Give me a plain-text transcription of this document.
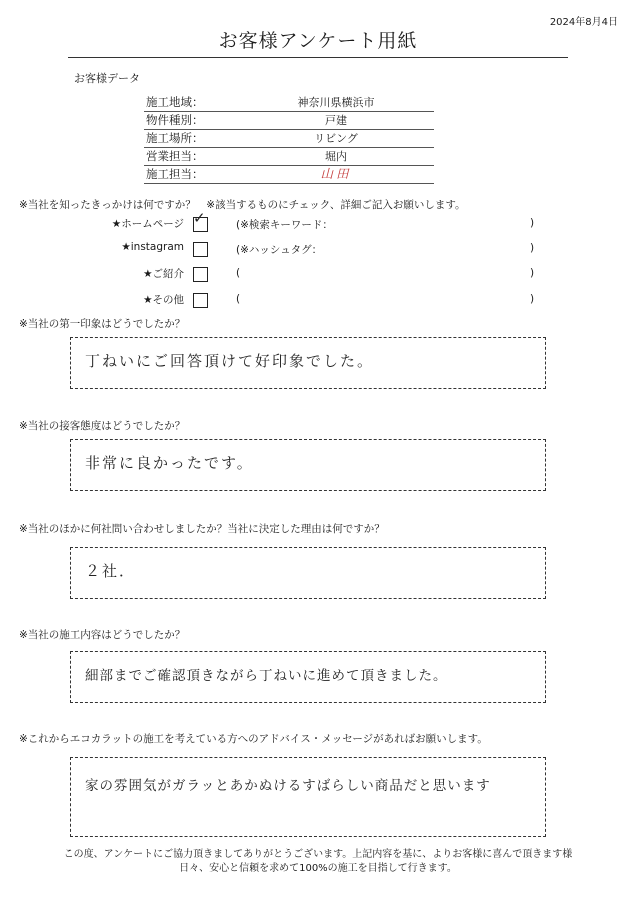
2024年8月4日
お客様アンケート用紙
お客様データ
施工地域：	神奈川県横浜市
物件種別：	戸建
施工場所：	リビング
営業担当：	堀内
施工担当：	山田
※当社を知ったきっかけは何ですか？　※該当するものにチェック、詳細ご記入お願いします。
★ホームページ ✓	(※検索キーワード：	)
★instagram	(※ハッシュタグ：	)
★ご紹介	(	)
★その他	(	)
※当社の第一印象はどうでしたか？
丁ねいにご回答頂けて好印象でした。
※当社の接客態度はどうでしたか？
非常に良かったです。
※当社のほかに何社問い合わせしましたか？当社に決定した理由は何ですか？
２社．
※当社の施工内容はどうでしたか？
細部までご確認頂きながら丁ねいに進めて頂きました。
※これからエコカラットの施工を考えている方へのアドバイス・メッセージがあればお願いします。
家の雰囲気がガラッとあかぬけるすばらしい商品だと思います
この度、アンケートにご協力頂きましてありがとうございます。上記内容を基に、よりお客様に喜んで頂きます様
日々、安心と信頼を求めて100%の施工を目指して行きます。
